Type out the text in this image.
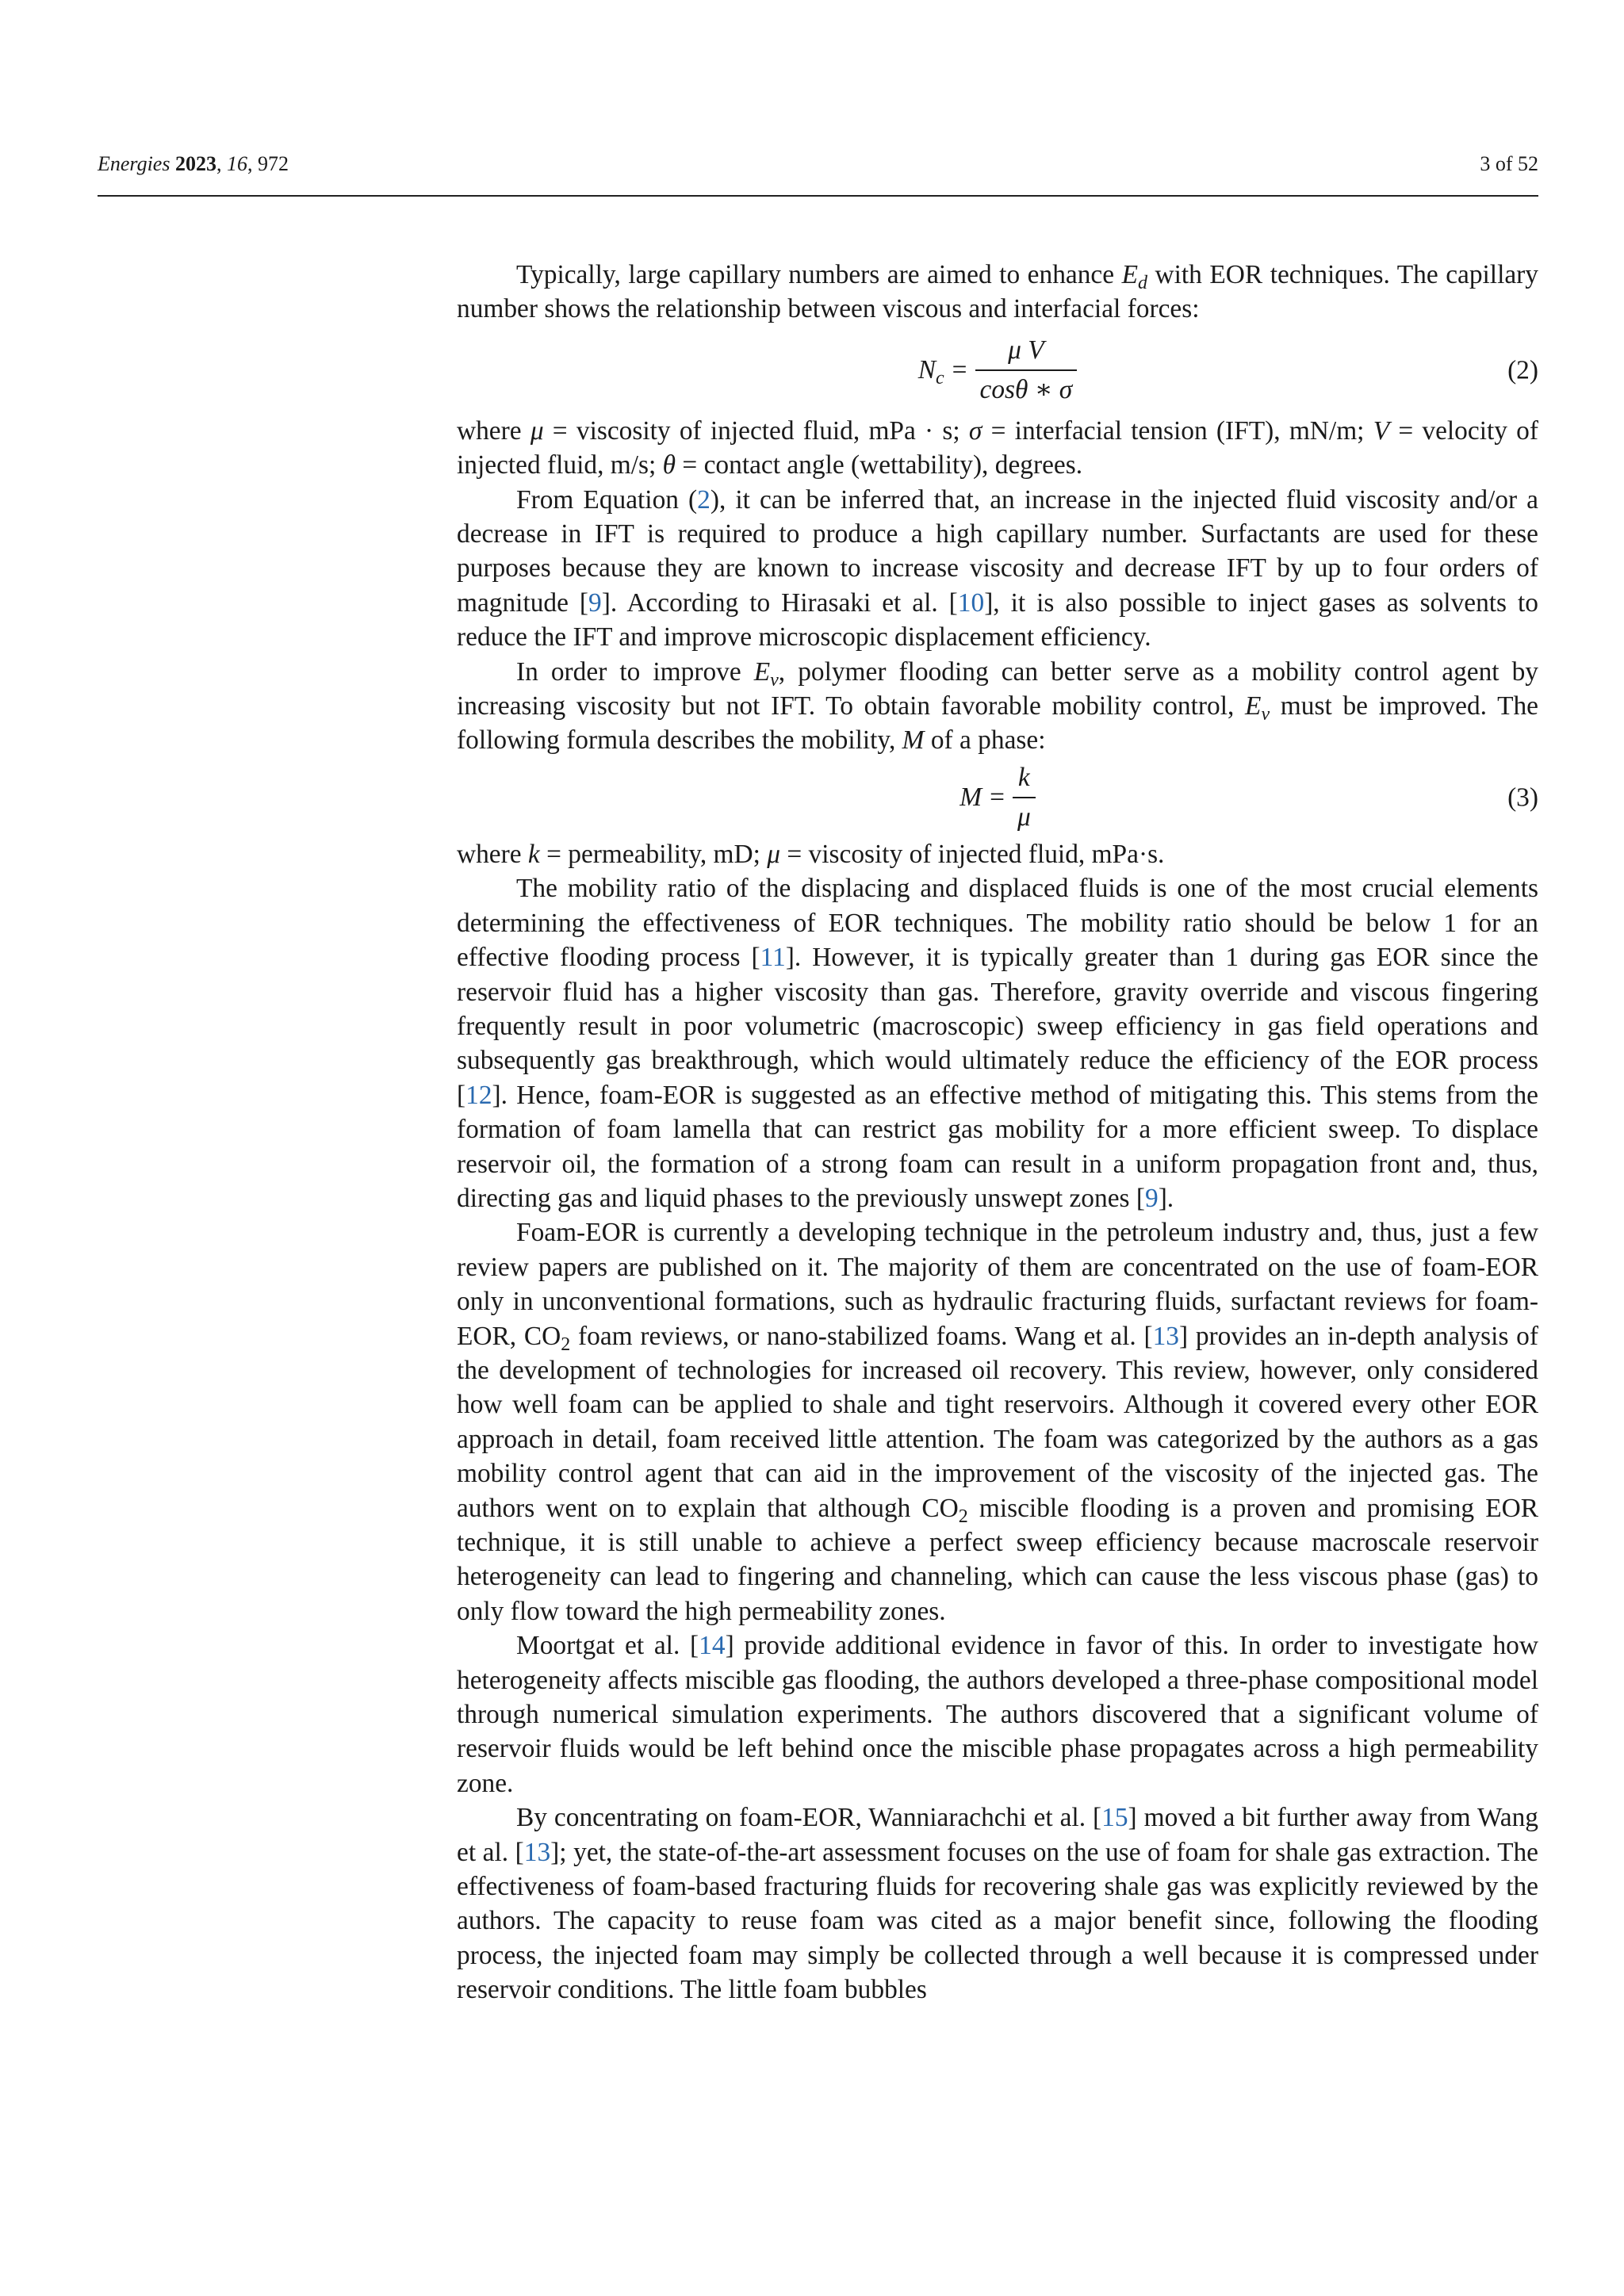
Energies 2023, 16, 972	3 of 52

Typically, large capillary numbers are aimed to enhance $E_d$ with EOR techniques. The capillary number shows the relationship between viscous and interfacial forces:

$N_c = \frac{\text{μ V}}{\cos\theta ∗ \sigma}$	(2)

where μ = viscosity of injected fluid, mPa · s; σ = interfacial tension (IFT), mN/m; V = velocity of injected fluid, m/s; θ = contact angle (wettability), degrees.

From Equation (2), it can be inferred that, an increase in the injected fluid viscosity and/or a decrease in IFT is required to produce a high capillary number. Surfactants are used for these purposes because they are known to increase viscosity and decrease IFT by up to four orders of magnitude [9]. According to Hirasaki et al. [10], it is also possible to inject gases as solvents to reduce the IFT and improve microscopic displacement efficiency.

In order to improve $E_v$, polymer flooding can better serve as a mobility control agent by increasing viscosity but not IFT. To obtain favorable mobility control, $E_v$ must be improved. The following formula describes the mobility, M of a phase:

$M = \frac{k}{\mu}$	(3)

where k = permeability, mD; μ = viscosity of injected fluid, mPa·s.

The mobility ratio of the displacing and displaced fluids is one of the most crucial elements determining the effectiveness of EOR techniques. The mobility ratio should be below 1 for an effective flooding process [11]. However, it is typically greater than 1 during gas EOR since the reservoir fluid has a higher viscosity than gas. Therefore, gravity override and viscous fingering frequently result in poor volumetric (macroscopic) sweep efficiency in gas field operations and subsequently gas breakthrough, which would ultimately reduce the efficiency of the EOR process [12]. Hence, foam-EOR is suggested as an effective method of mitigating this. This stems from the formation of foam lamella that can restrict gas mobility for a more efficient sweep. To displace reservoir oil, the formation of a strong foam can result in a uniform propagation front and, thus, directing gas and liquid phases to the previously unswept zones [9].

Foam-EOR is currently a developing technique in the petroleum industry and, thus, just a few review papers are published on it. The majority of them are concentrated on the use of foam-EOR only in unconventional formations, such as hydraulic fracturing fluids, surfactant reviews for foam-EOR, $CO_2$ foam reviews, or nano-stabilized foams. Wang et al. [13] provides an in-depth analysis of the development of technologies for increased oil recovery. This review, however, only considered how well foam can be applied to shale and tight reservoirs. Although it covered every other EOR approach in detail, foam received little attention. The foam was categorized by the authors as a gas mobility control agent that can aid in the improvement of the viscosity of the injected gas. The authors went on to explain that although $CO_2$ miscible flooding is a proven and promising EOR technique, it is still unable to achieve a perfect sweep efficiency because macroscale reservoir heterogeneity can lead to fingering and channeling, which can cause the less viscous phase (gas) to only flow toward the high permeability zones.

Moortgat et al. [14] provide additional evidence in favor of this. In order to investigate how heterogeneity affects miscible gas flooding, the authors developed a three-phase compositional model through numerical simulation experiments. The authors discovered that a significant volume of reservoir fluids would be left behind once the miscible phase propagates across a high permeability zone.

By concentrating on foam-EOR, Wanniarachchi et al. [15] moved a bit further away from Wang et al. [13]; yet, the state-of-the-art assessment focuses on the use of foam for shale gas extraction. The effectiveness of foam-based fracturing fluids for recovering shale gas was explicitly reviewed by the authors. The capacity to reuse foam was cited as a major benefit since, following the flooding process, the injected foam may simply be collected through a well because it is compressed under reservoir conditions. The little foam bubbles
